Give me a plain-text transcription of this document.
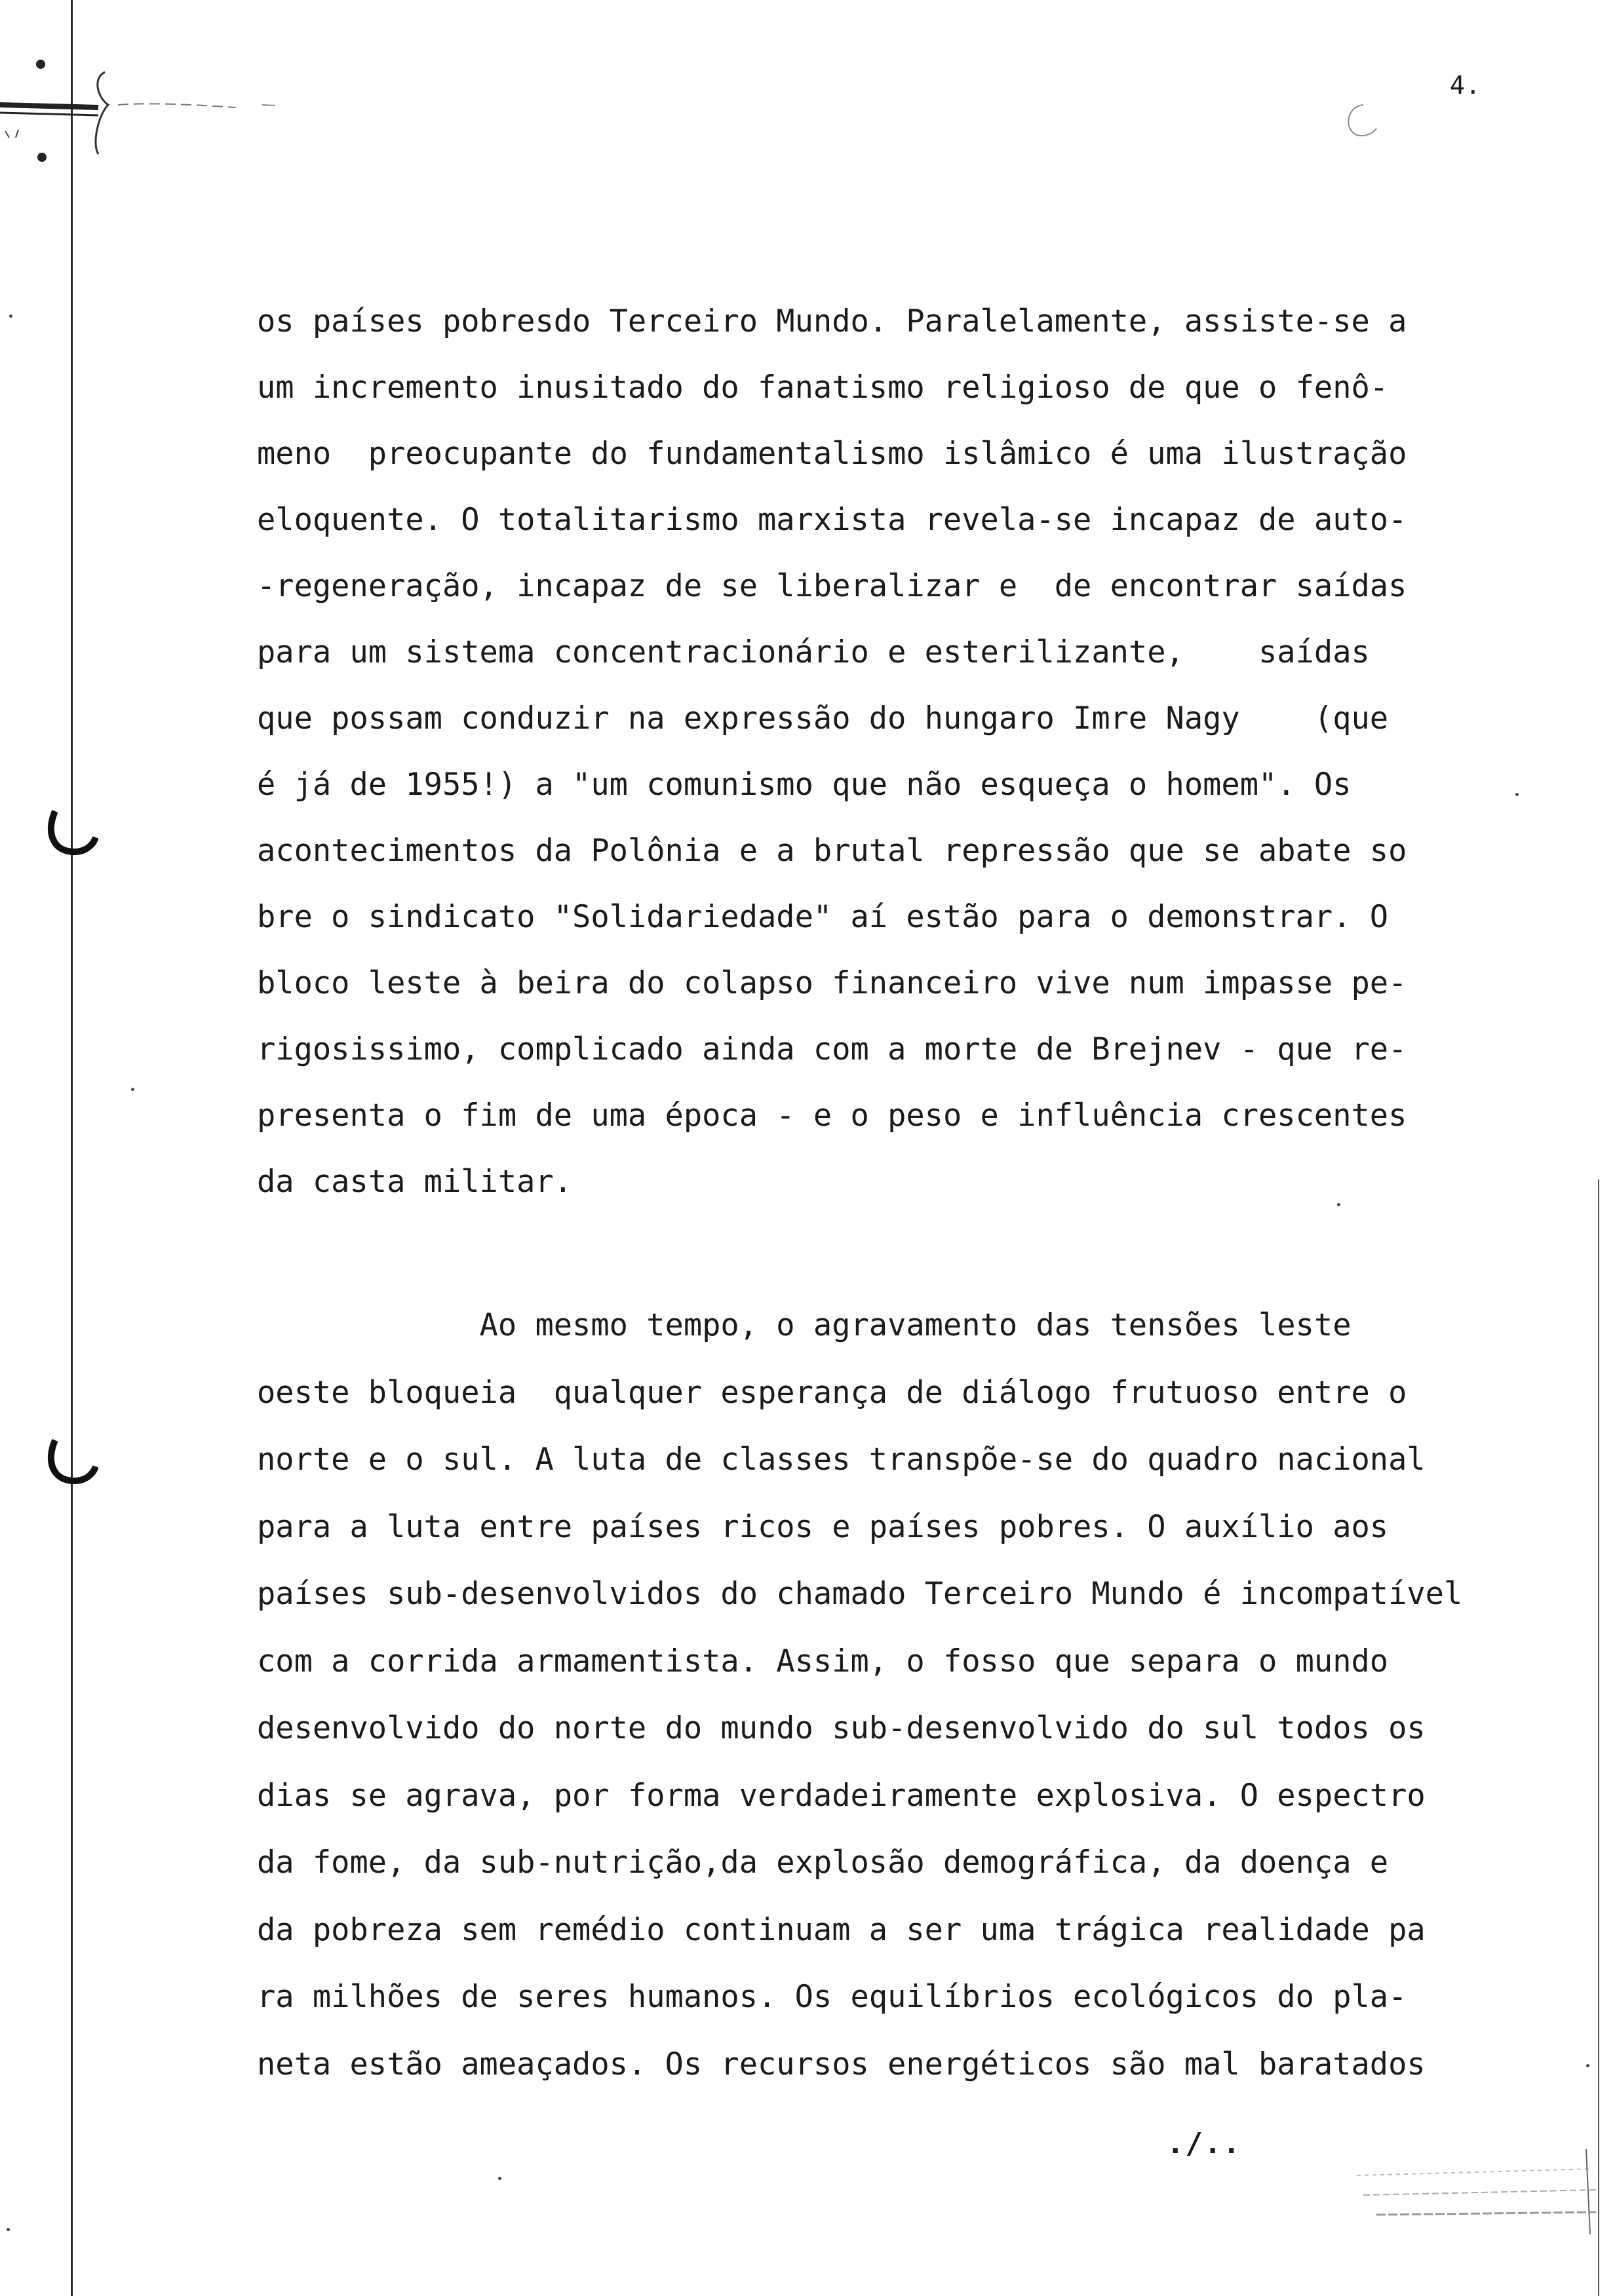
4.
os países pobresdo Terceiro Mundo. Paralelamente, assiste-se a
um incremento inusitado do fanatismo religioso de que o fenô-
meno  preocupante do fundamentalismo islâmico é uma ilustração
eloquente. O totalitarismo marxista revela-se incapaz de auto-
-regeneração, incapaz de se liberalizar e  de encontrar saídas
para um sistema concentracionário e esterilizante,    saídas
que possam conduzir na expressão do hungaro Imre Nagy    (que
é já de 1955!) a "um comunismo que não esqueça o homem". Os
acontecimentos da Polônia e a brutal repressão que se abate so
bre o sindicato "Solidariedade" aí estão para o demonstrar. O
bloco leste à beira do colapso financeiro vive num impasse pe-
rigosissimo, complicado ainda com a morte de Brejnev - que re-
presenta o fim de uma época - e o peso e influência crescentes
da casta militar.
Ao mesmo tempo, o agravamento das tensões leste
oeste bloqueia  qualquer esperança de diálogo frutuoso entre o
norte e o sul. A luta de classes transpõe-se do quadro nacional
para a luta entre países ricos e países pobres. O auxílio aos
países sub-desenvolvidos do chamado Terceiro Mundo é incompatível
com a corrida armamentista. Assim, o fosso que separa o mundo
desenvolvido do norte do mundo sub-desenvolvido do sul todos os
dias se agrava, por forma verdadeiramente explosiva. O espectro
da fome, da sub-nutrição,da explosão demográfica, da doença e
da pobreza sem remédio continuam a ser uma trágica realidade pa
ra milhões de seres humanos. Os equilíbrios ecológicos do pla-
neta estão ameaçados. Os recursos energéticos são mal baratados
./..
